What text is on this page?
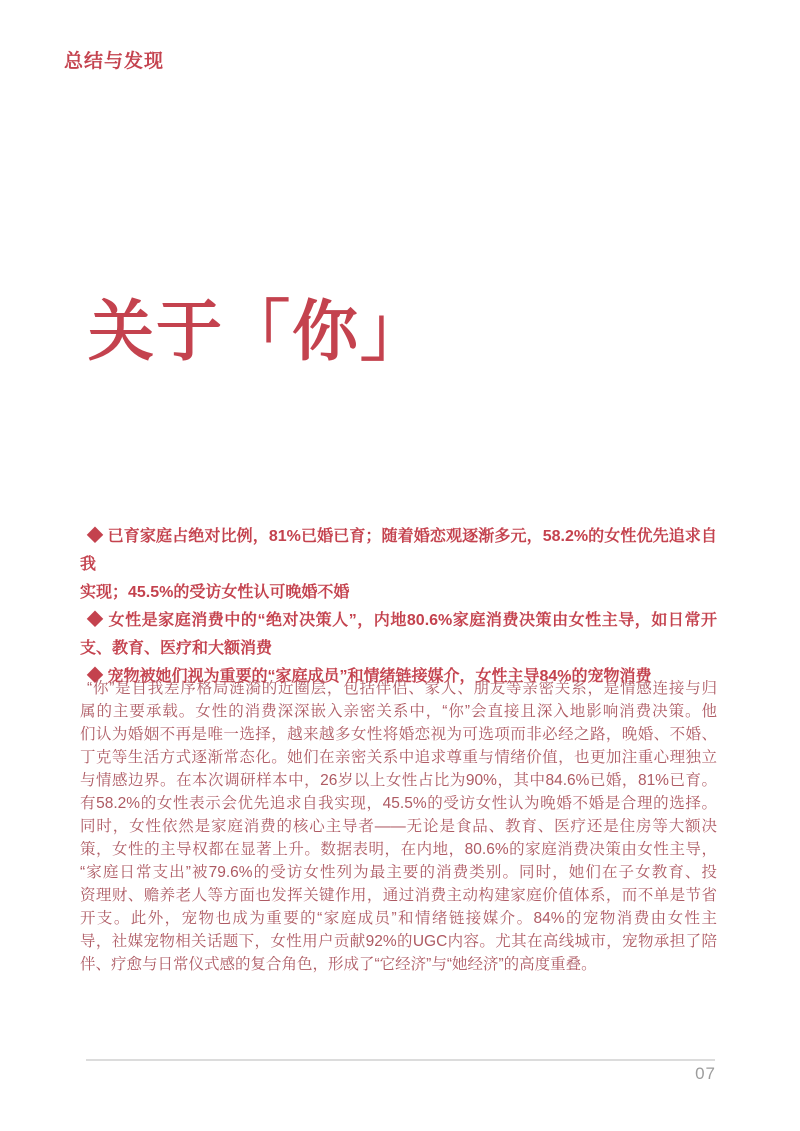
总结与发现
关于「你」
◆ 已育家庭占绝对比例，81%已婚已育；随着婚恋观逐渐多元，58.2%的女性优先追求自我
实现；45.5%的受访女性认可晚婚不婚
◆ 女性是家庭消费中的“绝对决策人”，内地80.6%家庭消费决策由女性主导，如日常开
支、教育、医疗和大额消费
◆ 宠物被她们视为重要的“家庭成员”和情绪链接媒介，女性主导84%的宠物消费
“你”是自我差序格局涟漪的近圈层，包括伴侣、家人、朋友等亲密关系，是情感连接与归
属的主要承载。女性的消费深深嵌入亲密关系中，“你”会直接且深入地影响消费决策。他
们认为婚姻不再是唯一选择，越来越多女性将婚恋视为可选项而非必经之路，晚婚、不婚、
丁克等生活方式逐渐常态化。她们在亲密关系中追求尊重与情绪价值，也更加注重心理独立
与情感边界。在本次调研样本中，26岁以上女性占比为90%，其中84.6%已婚，81%已育。
有58.2%的女性表示会优先追求自我实现，45.5%的受访女性认为晚婚不婚是合理的选择。
同时，女性依然是家庭消费的核心主导者——无论是食品、教育、医疗还是住房等大额决
策，女性的主导权都在显著上升。数据表明，在内地，80.6%的家庭消费决策由女性主导，
“家庭日常支出”被79.6%的受访女性列为最主要的消费类别。同时，她们在子女教育、投
资理财、赡养老人等方面也发挥关键作用，通过消费主动构建家庭价值体系，而不单是节省
开支。此外，宠物也成为重要的“家庭成员”和情绪链接媒介。84%的宠物消费由女性主
导，社媒宠物相关话题下，女性用户贡献92%的UGC内容。尤其在高线城市，宠物承担了陪
伴、疗愈与日常仪式感的复合角色，形成了“它经济”与“她经济”的高度重叠。
07
